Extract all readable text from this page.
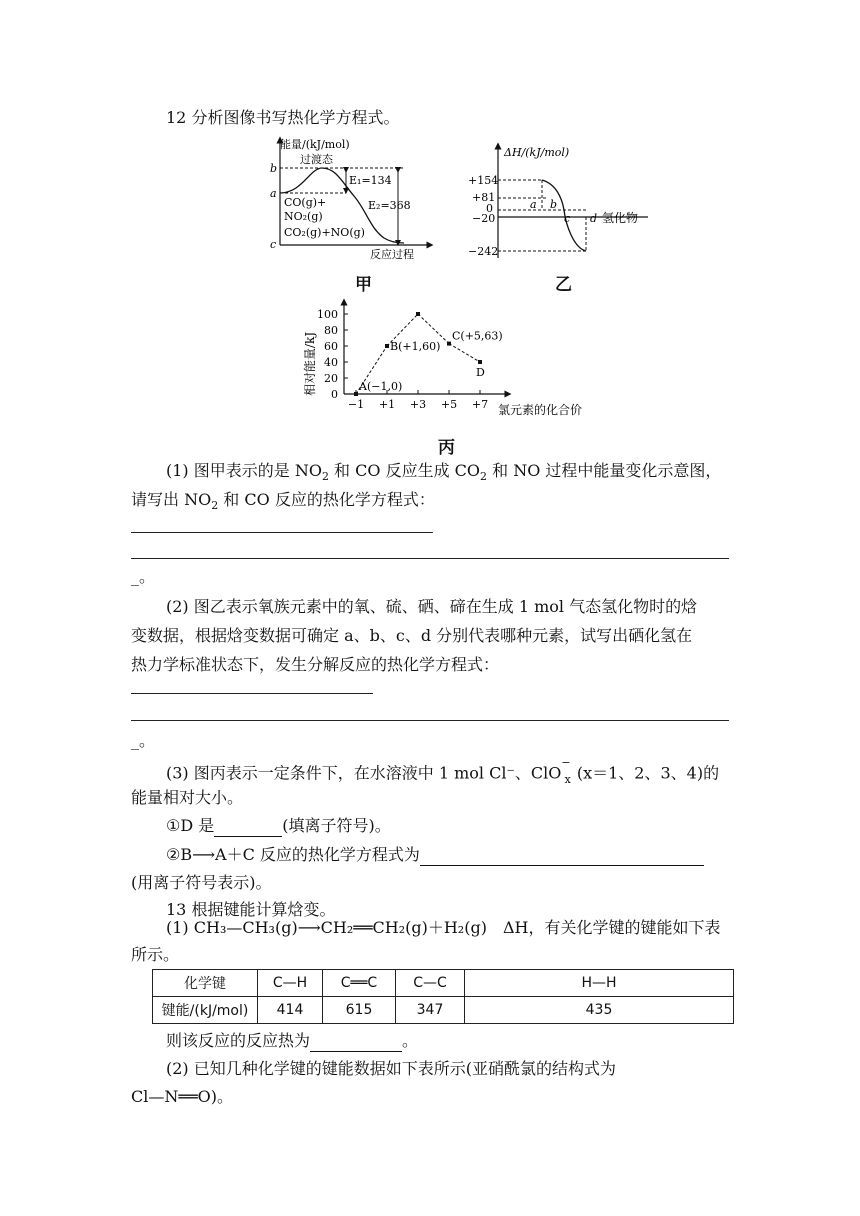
12 分析图像书写热化学方程式。
能量/(kJ/mol)
过渡态
b
a
c
E₁=134
E₂=368
CO(g)+
NO₂(g)
CO₂(g)+NO(g)
反应过程
甲
ΔH/(kJ/mol)
+154
+81
0
−20
−242
a b
c d 氢化物
乙
0
20
40
60
80
100
−1 +1 +3 +5 +7
相对能量/kJ
氯元素的化合价
A(−1,0)
B(+1,60)
C(+5,63)
D
丙
(1) 图甲表示的是 $NO_2$ 和 CO 反应生成 $CO_2$ 和 NO 过程中能量变化示意图，
请写出 $NO_2$ 和 CO 反应的热化学方程式：
_。
(2) 图乙表示氧族元素中的氧、硫、硒、碲在生成 1 mol 气态氢化物时的焓
变数据，根据焓变数据可确定 a、b、c、d 分别代表哪种元素，试写出硒化氢在
热力学标准状态下，发生分解反应的热化学方程式：
_。
(3) 图丙表示一定条件下，在水溶液中 1 mol Cl⁻、ClO−$_x$ (x＝1、2、3、4)的
能量相对大小。
①D 是	(填离子符号)。
②B⟶A＋C 反应的热化学方程式为
(用离子符号表示)。
13 根据键能计算焓变。
(1) CH₃—CH₃(g)⟶CH₂══CH₂(g)＋H₂(g)　ΔH，有关化学键的键能如下表
所示。
化学键	C—H	C══C	C—C	H—H
键能/(kJ/mol)	414	615	347	435
则该反应的反应热为	。
(2) 已知几种化学键的键能数据如下表所示(亚硝酰氯的结构式为
Cl—N══O)。
